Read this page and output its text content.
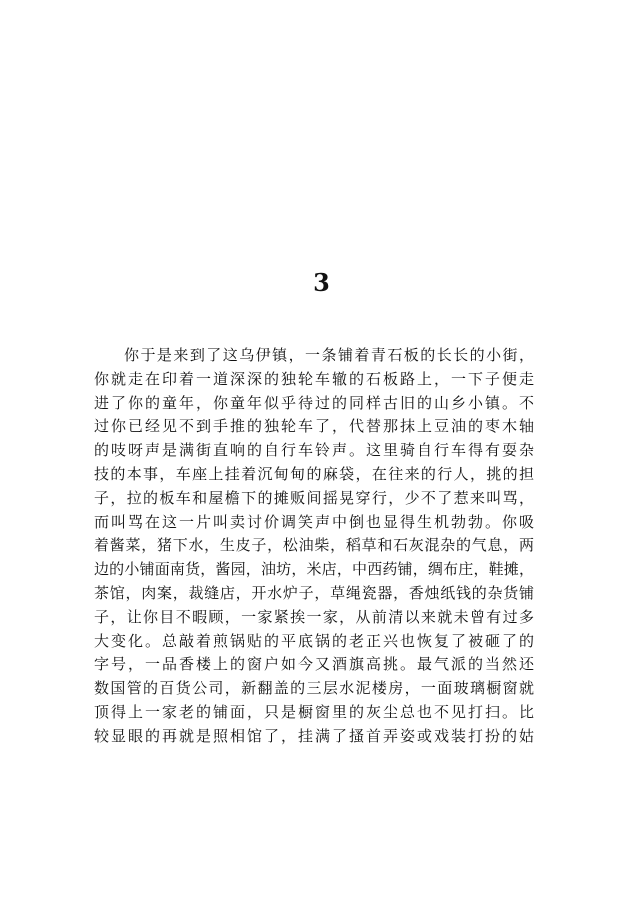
3
你于是来到了这乌伊镇，一条铺着青石板的长长的小街，
你就走在印着一道深深的独轮车辙的石板路上，一下子便走
进了你的童年，你童年似乎待过的同样古旧的山乡小镇。不
过你已经见不到手推的独轮车了，代替那抹上豆油的枣木轴
的吱呀声是满街直响的自行车铃声。这里骑自行车得有耍杂
技的本事，车座上挂着沉甸甸的麻袋，在往来的行人，挑的担
子，拉的板车和屋檐下的摊贩间摇晃穿行，少不了惹来叫骂，
而叫骂在这一片叫卖讨价调笑声中倒也显得生机勃勃。你吸
着酱菜，猪下水，生皮子，松油柴，稻草和石灰混杂的气息，两
边的小铺面南货，酱园，油坊，米店，中西药铺，绸布庄，鞋摊，
茶馆，肉案，裁缝店，开水炉子，草绳瓷器，香烛纸钱的杂货铺
子，让你目不暇顾，一家紧挨一家，从前清以来就未曾有过多
大变化。总敲着煎锅贴的平底锅的老正兴也恢复了被砸了的
字号，一品香楼上的窗户如今又酒旗高挑。最气派的当然还
数国管的百货公司，新翻盖的三层水泥楼房，一面玻璃橱窗就
顶得上一家老的铺面，只是橱窗里的灰尘总也不见打扫。比
较显眼的再就是照相馆了，挂满了搔首弄姿或戏装打扮的姑
